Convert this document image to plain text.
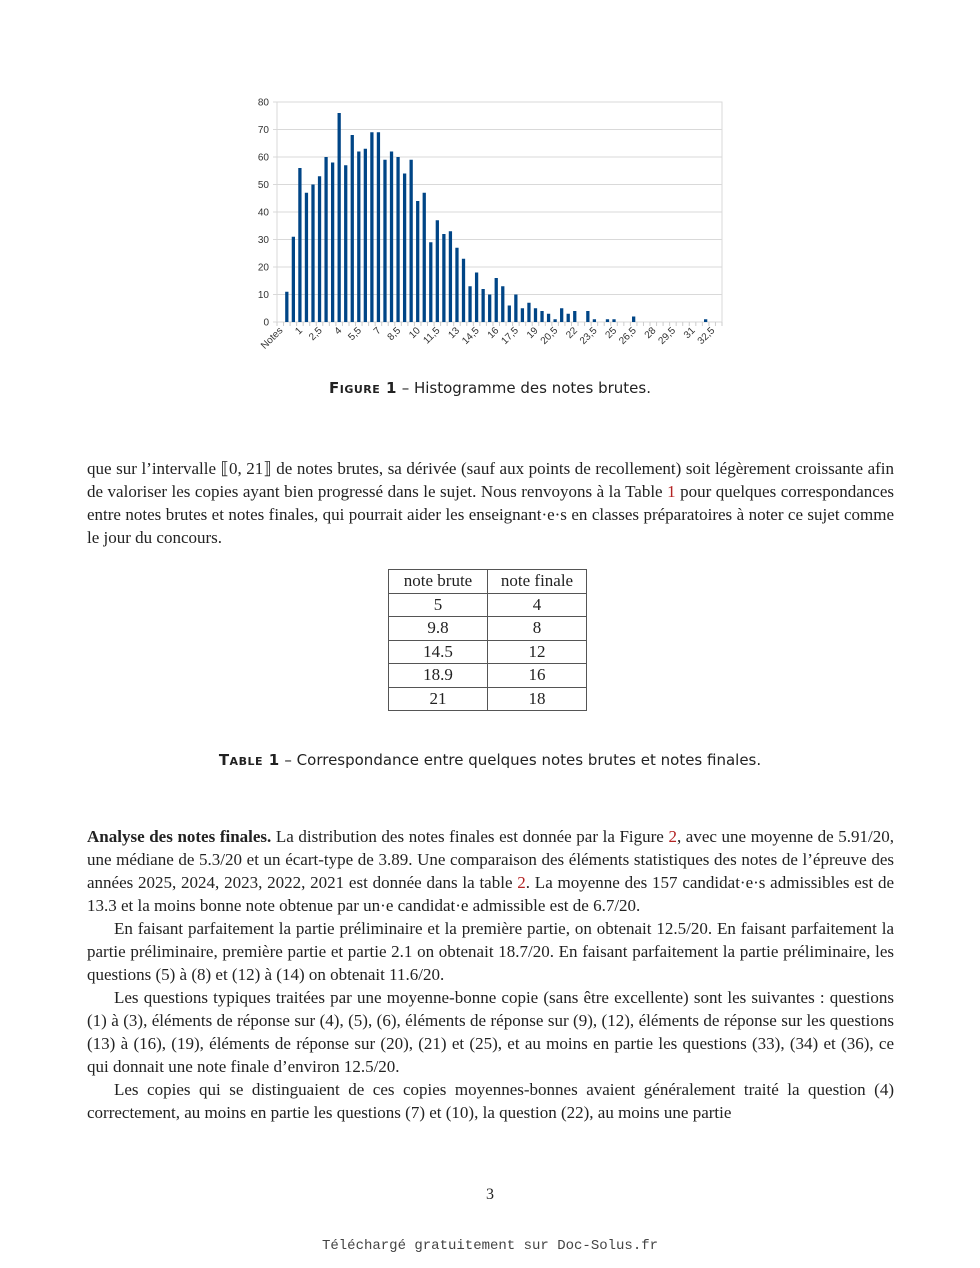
0
10
20
30
40
50
60
70
80
Notes 1 2,5 4 5,5 7 8,5 10
11,5 13
14,5 16
17,5 19
20,5 22
23,5 25
26,5 28
29,5 31
32,5
Figure 1 – Histogramme des notes brutes.

que sur l’intervalle ⟦0, 21⟧ de notes brutes, sa dérivée (sauf aux points de recollement) soit légèrement croissante afin de valoriser les copies ayant bien progressé dans le sujet. Nous renvoyons à la Table 1 pour quelques correspondances entre notes brutes et notes finales, qui pourrait aider les enseignant·e·s en classes préparatoires à noter ce sujet comme le jour du concours.

note brute	note finale
5	4
9.8	8
14.5	12
18.9	16
21	18
Table 1 – Correspondance entre quelques notes brutes et notes finales.

Analyse des notes finales. La distribution des notes finales est donnée par la Figure 2, avec une moyenne de 5.91/20, une médiane de 5.3/20 et un écart-type de 3.89. Une comparaison des éléments statistiques des notes de l’épreuve des années 2025, 2024, 2023, 2022, 2021 est donnée dans la table 2. La moyenne des 157 candidat·e·s admissibles est de 13.3 et la moins bonne note obtenue par un·e candidat·e admissible est de 6.7/20.

En faisant parfaitement la partie préliminaire et la première partie, on obtenait 12.5/20. En faisant parfaitement la partie préliminaire, première partie et partie 2.1 on obtenait 18.7/20. En faisant parfaitement la partie préliminaire, les questions (5) à (8) et (12) à (14) on obtenait 11.6/20.

Les questions typiques traitées par une moyenne-bonne copie (sans être excellente) sont les suivantes : questions (1) à (3), éléments de réponse sur (4), (5), (6), éléments de réponse sur (9), (12), éléments de réponse sur les questions (13) à (16), (19), éléments de réponse sur (20), (21) et (25), et au moins en partie les questions (33), (34) et (36), ce qui donnait une note finale d’environ 12.5/20.

Les copies qui se distinguaient de ces copies moyennes-bonnes avaient généralement traité la question (4) correctement, au moins en partie les questions (7) et (10), la question (22), au moins une partie

3
Téléchargé gratuitement sur Doc-Solus.fr
